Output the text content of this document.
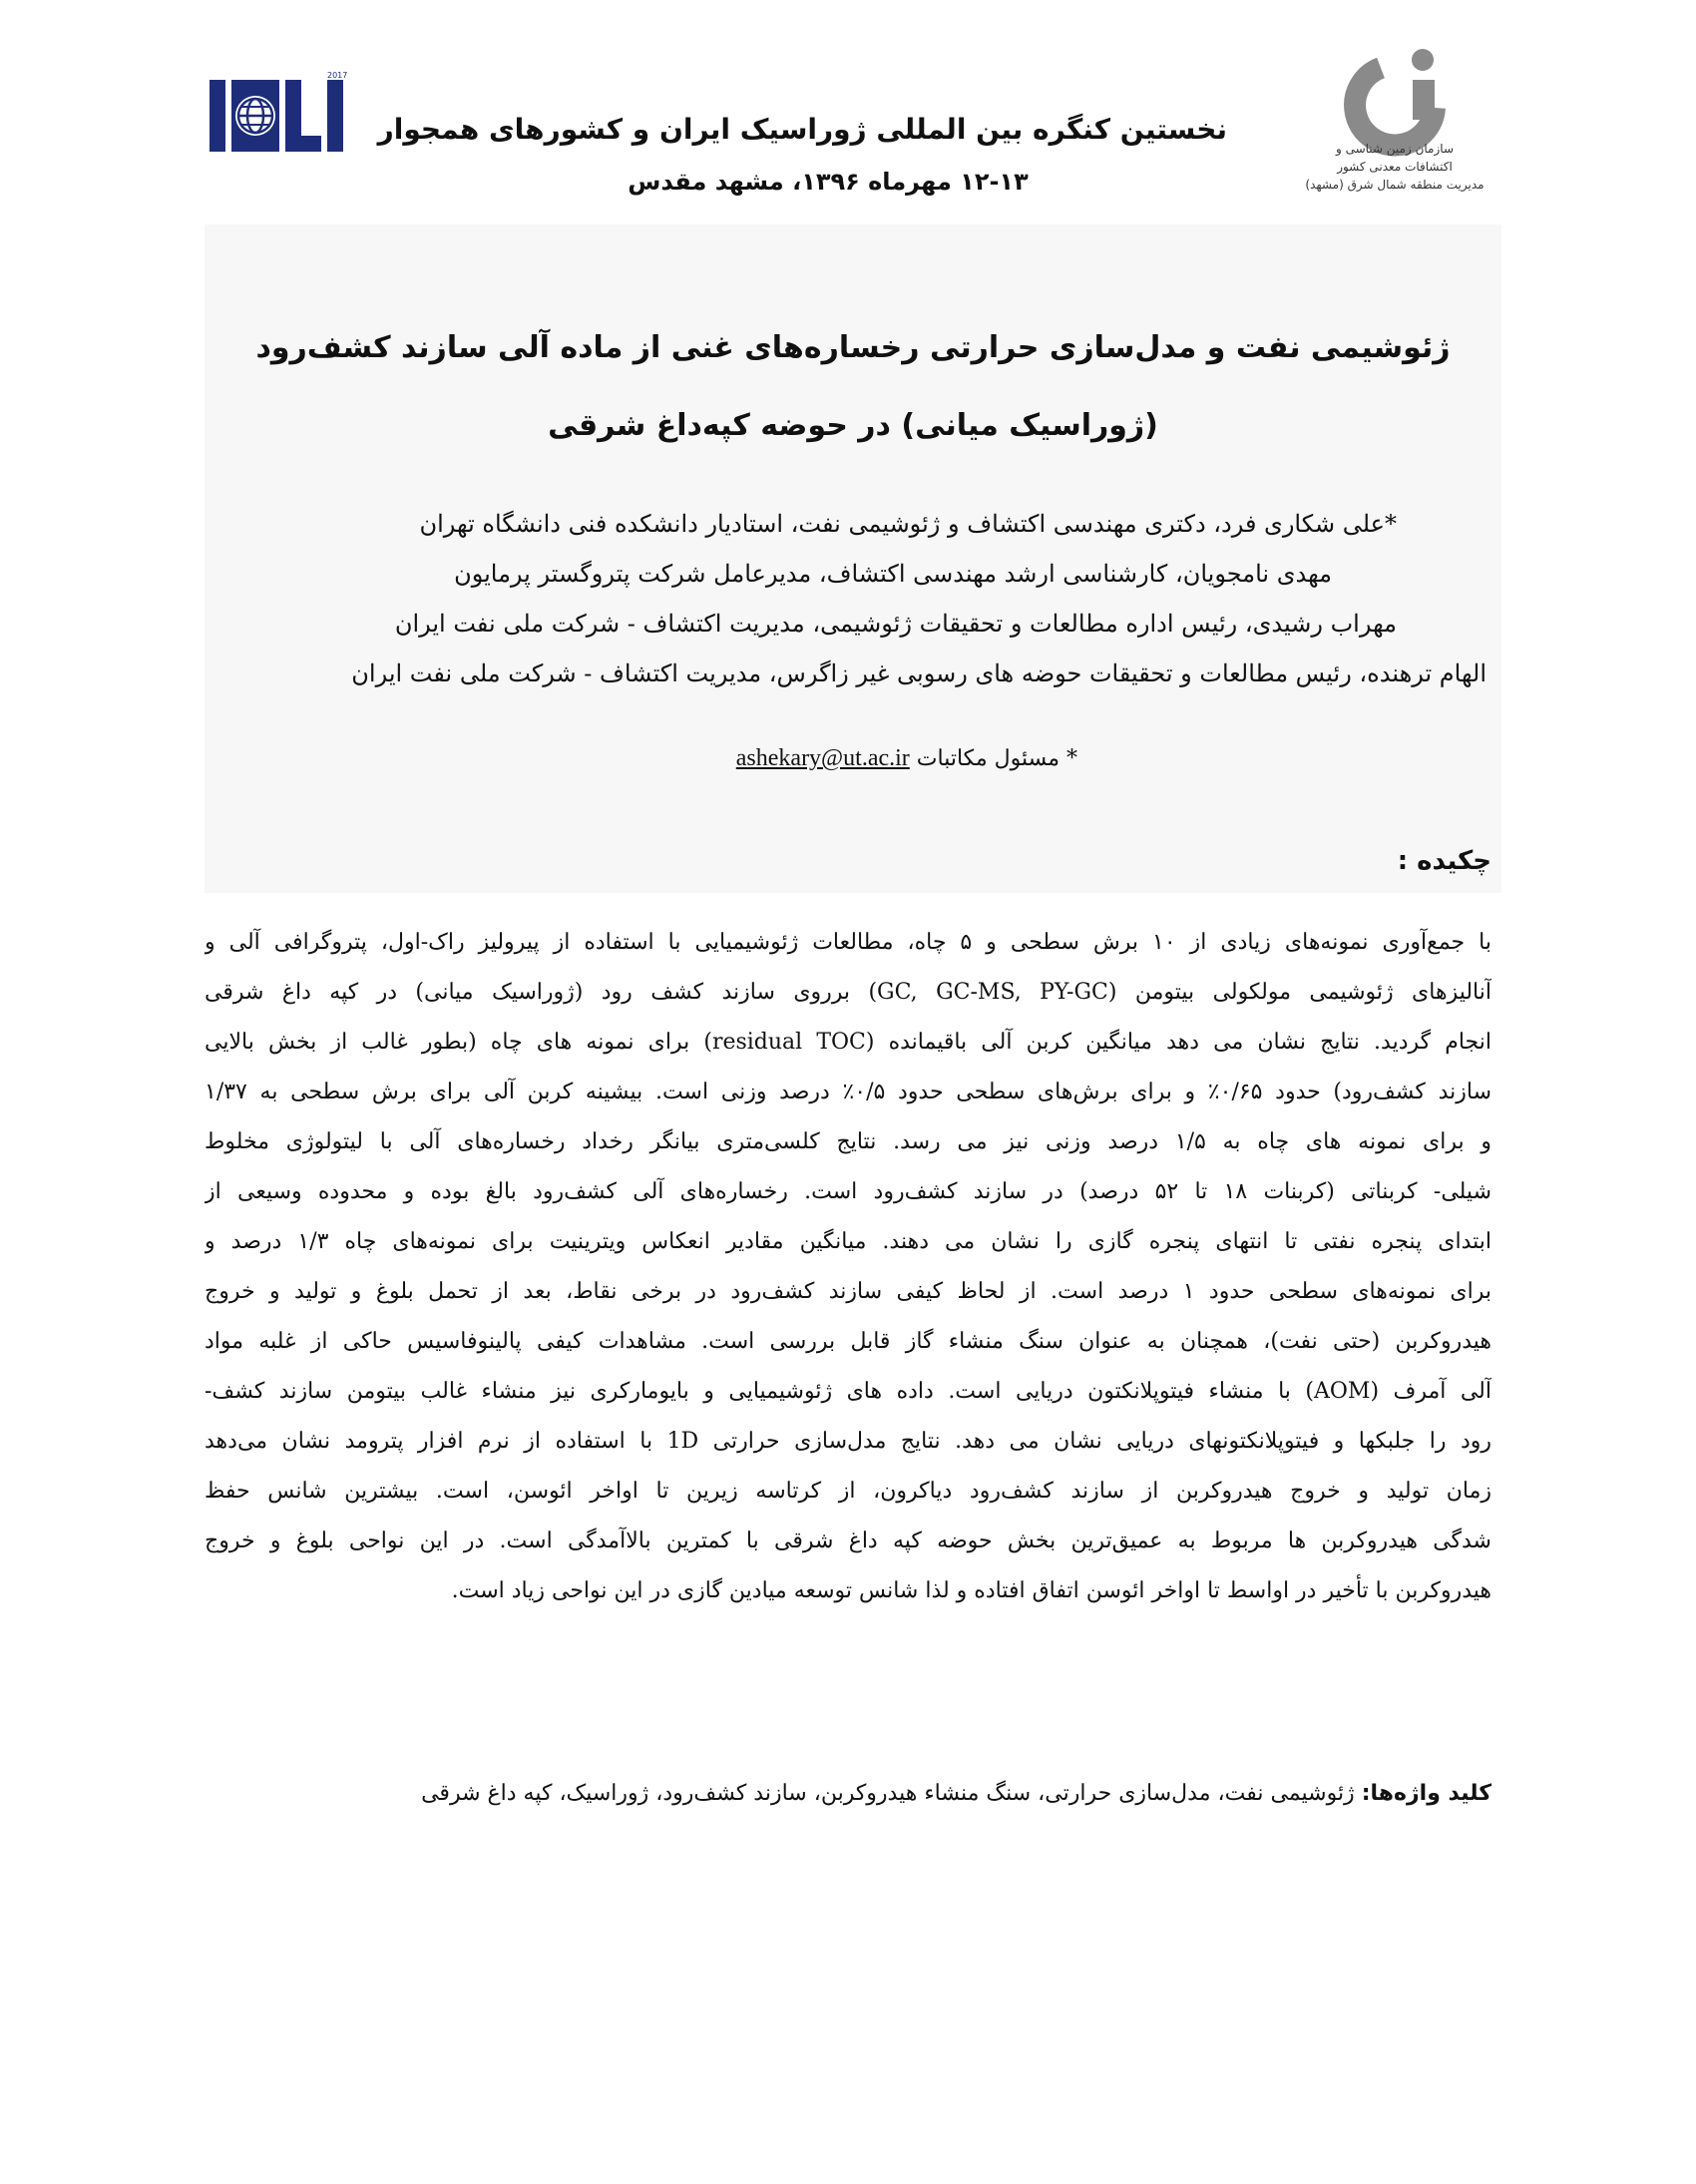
2017
سازمان زمین شناسی و
اکتشافات معدنی کشور
مدیریت منطقه شمال شرق (مشهد)
نخستین کنگره بین المللی ژوراسیک ایران و کشورهای همجوار
۱۲-۱۳ مهرماه ۱۳۹۶، مشهد مقدس
ژئوشیمی نفت و مدل‌سازی حرارتی رخساره‌های غنی از ماده آلی سازند کشف‌رود
(ژوراسیک میانی) در حوضه کپه‌داغ شرقی
*علی شکاری فرد، دکتری مهندسی اکتشاف و ژئوشیمی نفت، استادیار دانشکده فنی دانشگاه تهران
مهدی نامجویان، کارشناسی ارشد مهندسی اکتشاف، مدیرعامل شرکت پتروگستر پرمایون
مهراب رشیدی، رئیس اداره مطالعات و تحقیقات ژئوشیمی، مدیریت اکتشاف - شرکت ملی نفت ایران
الهام ترهنده، رئیس مطالعات و تحقیقات حوضه های رسوبی غیر زاگرس، مدیریت اکتشاف - شرکت ملی نفت ایران
* مسئول مکاتبات ashekary@ut.ac.ir
چکیده :
با جمع‌آوری نمونه‌های زیادی از ۱۰ برش سطحی و ۵ چاه، مطالعات ژئوشیمیایی با استفاده از پیرولیز راک-اول، پتروگرافی آلی و
آنالیزهای ژئوشیمی مولکولی بیتومن (GC, GC-MS, PY-GC) برروی سازند کشف رود (ژوراسیک میانی) در کپه داغ شرقی
انجام گردید. نتایج نشان می دهد میانگین کربن آلی باقیمانده (residual TOC) برای نمونه های چاه (بطور غالب از بخش بالایی
سازند کشف‌رود) حدود ۰/۶۵٪ و برای برش‌های سطحی حدود ۰/۵٪ درصد وزنی است. بیشینه کربن آلی برای برش سطحی به ۱/۳۷
و برای نمونه های چاه به ۱/۵ درصد وزنی نیز می رسد. نتایج کلسی‌متری بیانگر رخداد رخساره‌های آلی با لیتولوژی مخلوط
شیلی- کربناتی (کربنات ۱۸ تا ۵۲ درصد) در سازند کشف‌رود است. رخساره‌های آلی کشف‌رود بالغ بوده و محدوده وسیعی از
ابتدای پنجره نفتی تا انتهای پنجره گازی را نشان می دهند. میانگین مقادیر انعکاس ویترینیت برای نمونه‌های چاه ۱/۳ درصد و
برای نمونه‌های سطحی حدود ۱ درصد است. از لحاظ کیفی سازند کشف‌رود در برخی نقاط، بعد از تحمل بلوغ و تولید و خروج
هیدروکربن (حتی نفت)، همچنان به عنوان سنگ منشاء گاز قابل بررسی است. مشاهدات کیفی پالینوفاسیس حاکی از غلبه مواد
آلی آمرف (AOM) با منشاء فیتوپلانکتون دریایی است. داده های ژئوشیمیایی و بایومارکری نیز منشاء غالب بیتومن سازند کشف-
رود را جلبکها و فیتوپلانکتونهای دریایی نشان می دهد. نتایج مدل‌سازی حرارتی 1D با استفاده از نرم افزار پترومد نشان می‌دهد
زمان تولید و خروج هیدروکربن از سازند کشف‌رود دیاکرون، از کرتاسه زیرین تا اواخر ائوسن، است. بیشترین شانس حفظ
شدگی هیدروکربن ها مربوط به عمیق‌ترین بخش حوضه کپه داغ شرقی با کمترین بالاآمدگی است. در این نواحی بلوغ و خروج
هیدروکربن با تأخیر در اواسط تا اواخر ائوسن اتفاق افتاده و لذا شانس توسعه میادین گازی در این نواحی زیاد است.
کلید واژه‌ها: ژئوشیمی نفت، مدل‌سازی حرارتی، سنگ منشاء هیدروکربن، سازند کشف‌رود، ژوراسیک، کپه داغ شرقی
